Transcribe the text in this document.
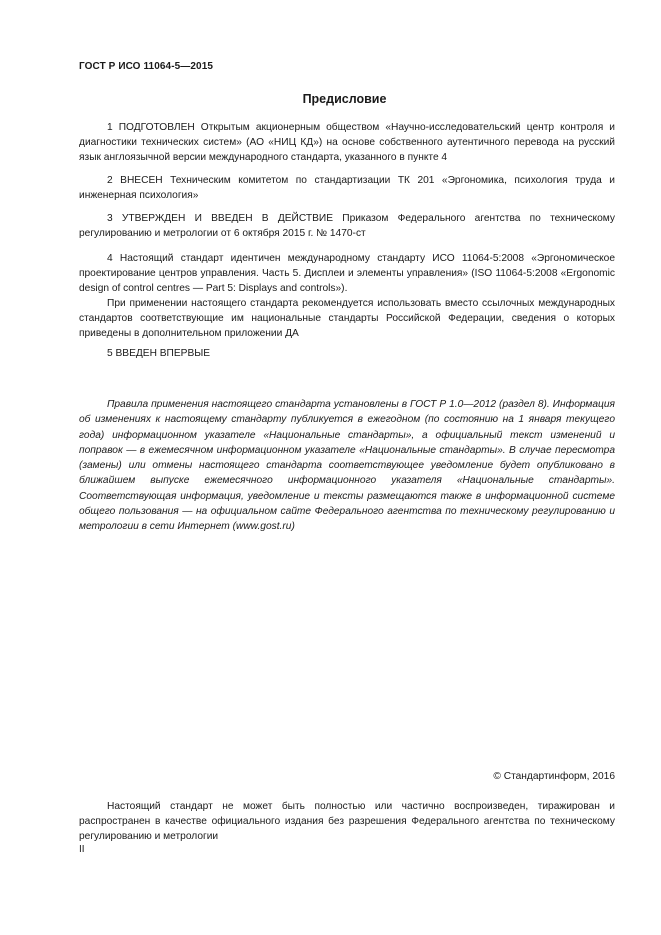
ГОСТ Р ИСО 11064-5—2015
Предисловие

1 ПОДГОТОВЛЕН Открытым акционерным обществом «Научно-исследовательский центр контроля и диагностики технических систем» (АО «НИЦ КД») на основе собственного аутентичного перевода на русский язык англоязычной версии международного стандарта, указанного в пункте 4

2 ВНЕСЕН Техническим комитетом по стандартизации ТК 201 «Эргономика, психология труда и инженерная психология»

3 УТВЕРЖДЕН И ВВЕДЕН В ДЕЙСТВИЕ Приказом Федерального агентства по техническому регулированию и метрологии от 6 октября 2015 г. № 1470-ст

4 Настоящий стандарт идентичен международному стандарту ИСО 11064-5:2008 «Эргономическое проектирование центров управления. Часть 5. Дисплеи и элементы управления» (ISO 11064-5:2008 «Ergonomic design of control centres — Part 5: Displays and controls»).

При применении настоящего стандарта рекомендуется использовать вместо ссылочных международных стандартов соответствующие им национальные стандарты Российской Федерации, сведения о которых приведены в дополнительном приложении ДА

5 ВВЕДЕН ВПЕРВЫЕ

Правила применения настоящего стандарта установлены в ГОСТ Р 1.0—2012 (раздел 8). Информация об изменениях к настоящему стандарту публикуется в ежегодном (по состоянию на 1 января текущего года) информационном указателе «Национальные стандарты», а официальный текст изменений и поправок — в ежемесячном информационном указателе «Национальные стандарты». В случае пересмотра (замены) или отмены настоящего стандарта соответствующее уведомление будет опубликовано в ближайшем выпуске ежемесячного информационного указателя «Национальные стандарты». Соответствующая информация, уведомление и тексты размещаются также в информационной системе общего пользования — на официальном сайте Федерального агентства по техническому регулированию и метрологии в сети Интернет (www.gost.ru)

© Стандартинформ, 2016

Настоящий стандарт не может быть полностью или частично воспроизведен, тиражирован и распространен в качестве официального издания без разрешения Федерального агентства по техническому регулированию и метрологии

II
